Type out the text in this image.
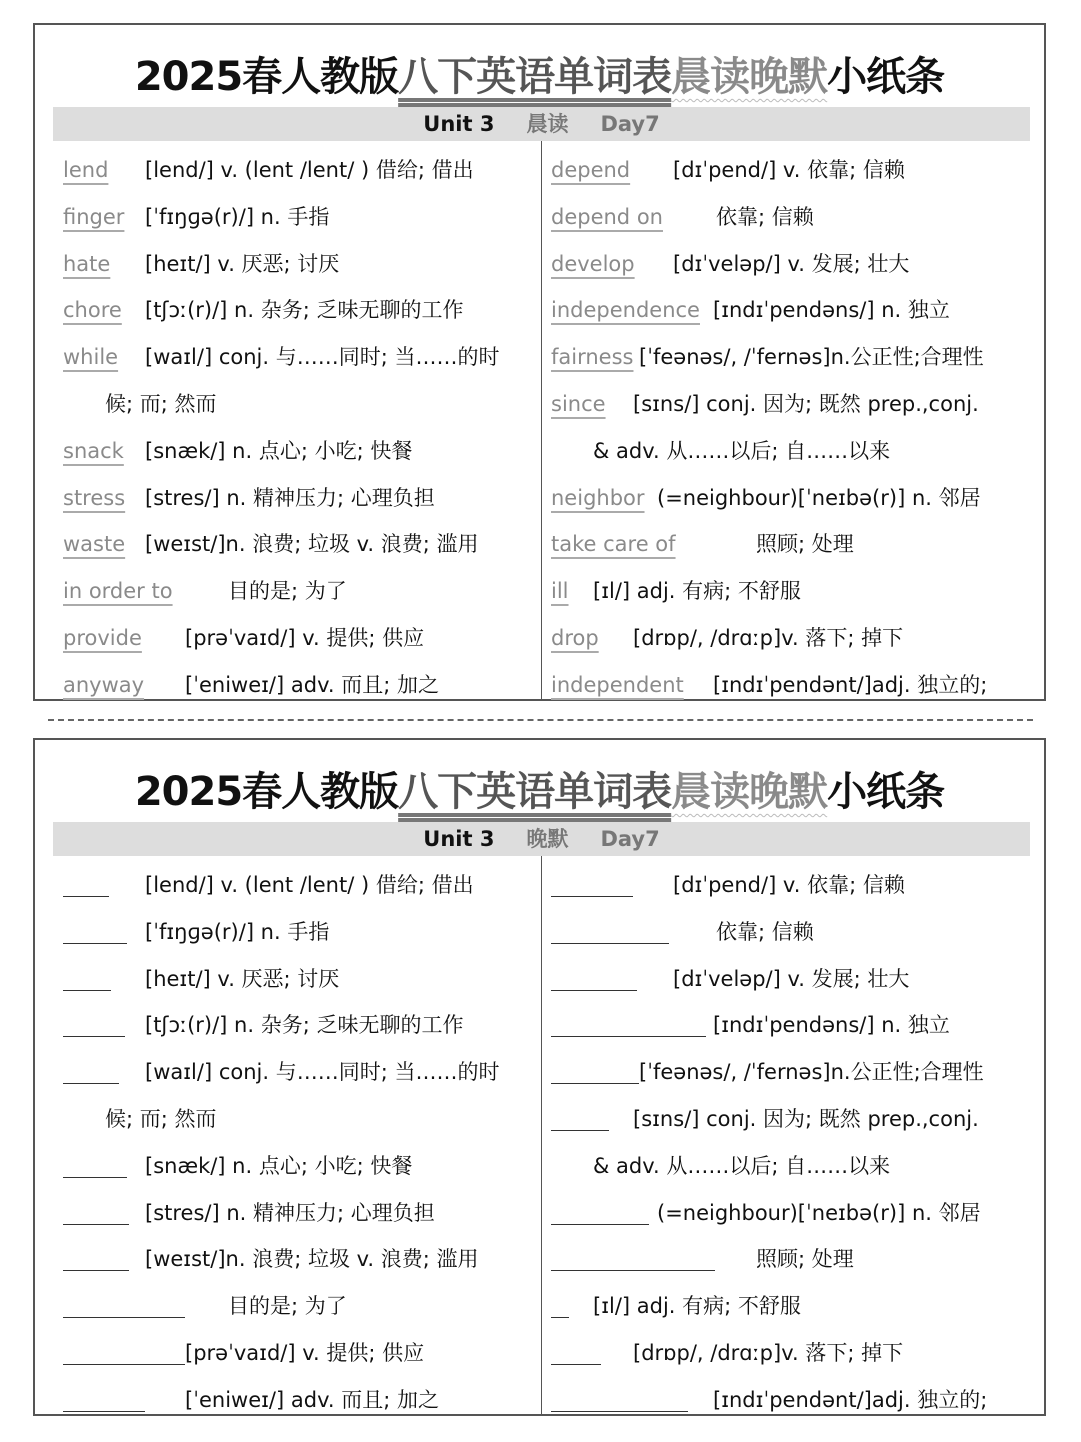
2025春人教版八下英语单词表晨读晚默小纸条
Unit 3 晨读 Day7
lend [lend/] v. (lent /lent/ ) 借给; 借出
finger [ˈfɪŋɡə(r)/] n. 手指
hate [heɪt/] v. 厌恶; 讨厌
chore [tʃɔː(r)/] n. 杂务; 乏味无聊的工作
while [waɪl/] conj. 与……同时; 当……的时
候; 而; 然而
snack [snæk/] n. 点心; 小吃; 快餐
stress [stres/] n. 精神压力; 心理负担
waste [weɪst/]n. 浪费; 垃圾 v. 浪费; 滥用
in order to	目的是; 为了
provide [prəˈvaɪd/] v. 提供; 供应
anyway [ˈeniweɪ/] adv. 而且; 加之
depend [dɪˈpend/] v. 依靠; 信赖
depend on	依靠; 信赖
develop [dɪˈveləp/] v. 发展; 壮大
independence [ɪndɪˈpendəns/] n. 独立
fairness [ˈfeənəs/, /ˈfernəs]n.公正性;合理性
since [sɪns/] conj. 因为; 既然 prep.,conj.
& adv. 从……以后; 自……以来
neighbor (=neighbour)[ˈneɪbə(r)] n. 邻居
take care of	照顾; 处理
ill [ɪl/] adj. 有病; 不舒服
drop [drɒp/, /drɑːp]v. 落下; 掉下
independent [ɪndɪˈpendənt/]adj. 独立的;
2025春人教版八下英语单词表晨读晚默小纸条
Unit 3 晚默 Day7
[lend/] v. (lent /lent/ ) 借给; 借出
[ˈfɪŋɡə(r)/] n. 手指
[heɪt/] v. 厌恶; 讨厌
[tʃɔː(r)/] n. 杂务; 乏味无聊的工作
[waɪl/] conj. 与……同时; 当……的时
候; 而; 然而
[snæk/] n. 点心; 小吃; 快餐
[stres/] n. 精神压力; 心理负担
[weɪst/]n. 浪费; 垃圾 v. 浪费; 滥用
目的是; 为了
[prəˈvaɪd/] v. 提供; 供应
[ˈeniweɪ/] adv. 而且; 加之
[dɪˈpend/] v. 依靠; 信赖
依靠; 信赖
[dɪˈveləp/] v. 发展; 壮大
[ɪndɪˈpendəns/] n. 独立
[ˈfeənəs/, /ˈfernəs]n.公正性;合理性
[sɪns/] conj. 因为; 既然 prep.,conj.
& adv. 从……以后; 自……以来
(=neighbour)[ˈneɪbə(r)] n. 邻居
照顾; 处理
[ɪl/] adj. 有病; 不舒服
[drɒp/, /drɑːp]v. 落下; 掉下
[ɪndɪˈpendənt/]adj. 独立的;
